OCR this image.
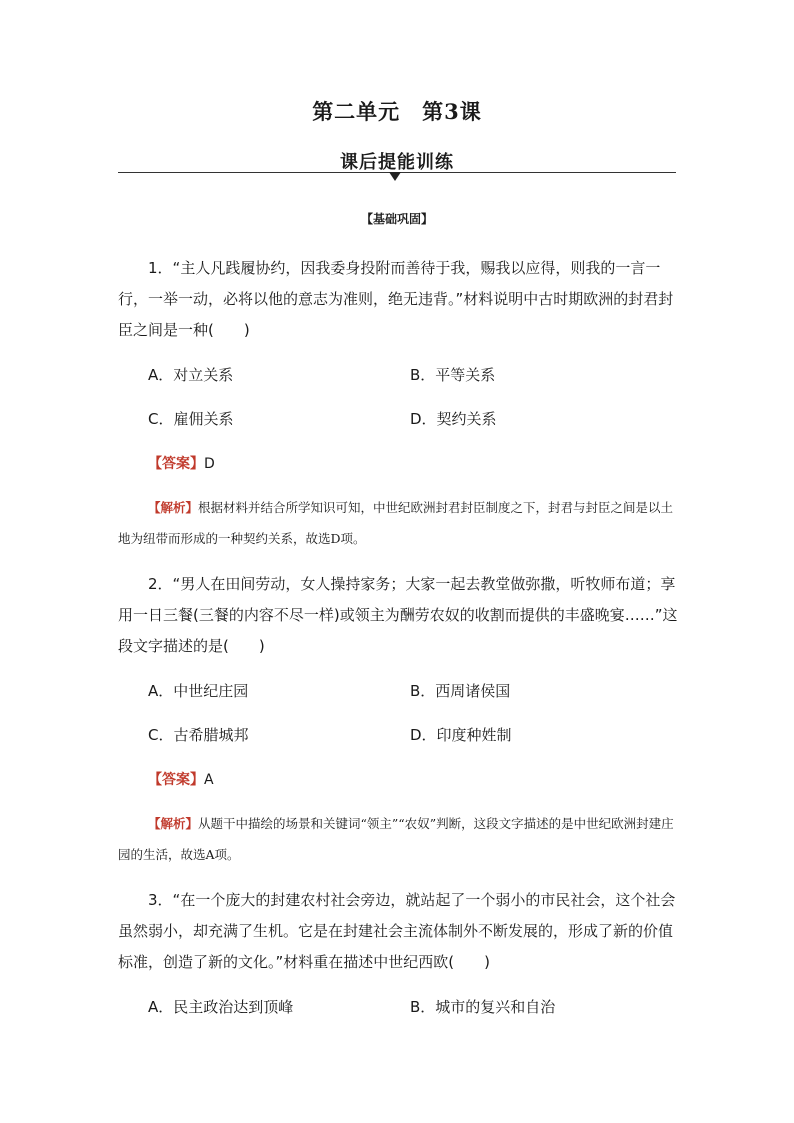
第二单元　第3课
课后提能训练
【基础巩固】

1．“主人凡践履协约，因我委身投附而善待于我，赐我以应得，则我的一言一行，一举一动，必将以他的意志为准则，绝无违背。”材料说明中古时期欧洲的封君封臣之间是一种(　　)

A．对立关系	B．平等关系
C．雇佣关系	D．契约关系
【答案】D
【解析】根据材料并结合所学知识可知，中世纪欧洲封君封臣制度之下，封君与封臣之间是以土地为纽带而形成的一种契约关系，故选D项。

2．“男人在田间劳动，女人操持家务；大家一起去教堂做弥撒，听牧师布道；享用一日三餐(三餐的内容不尽一样)或领主为酬劳农奴的收割而提供的丰盛晚宴……”这段文字描述的是(　　)

A．中世纪庄园	B．西周诸侯国
C．古希腊城邦	D．印度种姓制
【答案】A
【解析】从题干中描绘的场景和关键词“领主”“农奴”判断，这段文字描述的是中世纪欧洲封建庄园的生活，故选A项。

3．“在一个庞大的封建农村社会旁边，就站起了一个弱小的市民社会，这个社会虽然弱小，却充满了生机。它是在封建社会主流体制外不断发展的，形成了新的价值标准，创造了新的文化。”材料重在描述中世纪西欧(　　)

A．民主政治达到顶峰	B．城市的复兴和自治
